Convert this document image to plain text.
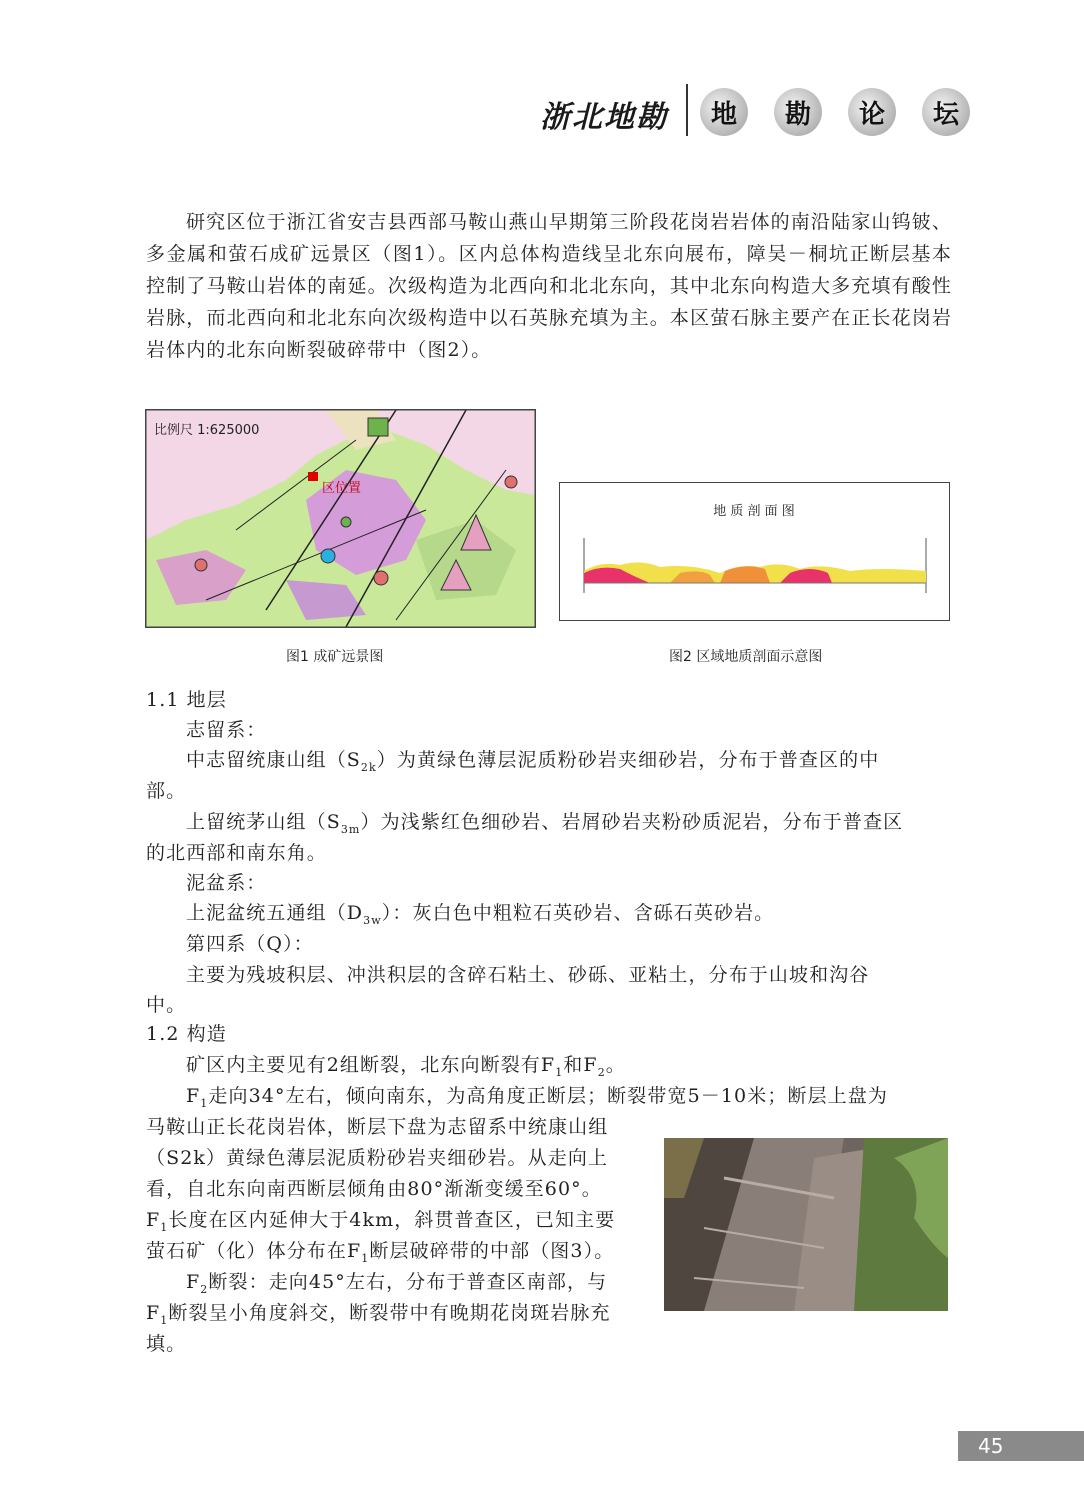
浙北地勘	地	勘	论	坛

研究区位于浙江省安吉县西部马鞍山燕山早期第三阶段花岗岩岩体的南沿陆家山钨铍、多金属和萤石成矿远景区（图1）。区内总体构造线呈北东向展布，障吴－桐坑正断层基本控制了马鞍山岩体的南延。次级构造为北西向和北北东向，其中北东向构造大多充填有酸性岩脉，而北西向和北北东向次级构造中以石英脉充填为主。本区萤石脉主要产在正长花岗岩岩体内的北东向断裂破碎带中（图2）。

比例尺 1:625000
区位置
图1 成矿远景图
地 质 剖 面 图
图2 区域地质剖面示意图
1.1 地层
志留系：
中志留统康山组$(S_{2k})$为黄绿色薄层泥质粉砂岩夹细砂岩，分布于普查区的中
部。
上留统茅山组$(S_{3m})$为浅紫红色细砂岩、岩屑砂岩夹粉砂质泥岩，分布于普查区
的北西部和南东角。
泥盆系：
上泥盆统五通组$(D_{3w})$：灰白色中粗粒石英砂岩、含砾石英砂岩。
第四系（Q）：
主要为残坡积层、冲洪积层的含碎石粘土、砂砾、亚粘土，分布于山坡和沟谷
中。
1.2 构造
矿区内主要见有2组断裂，北东向断裂有$F_1$和$F_2$。
$F_1$走向34°左右，倾向南东，为高角度正断层；断裂带宽5－10米；断层上盘为
马鞍山正长花岗岩体，断层下盘为志留系中统康山组
（S2k）黄绿色薄层泥质粉砂岩夹细砂岩。从走向上
看，自北东向南西断层倾角由80°渐渐变缓至60°。
$F_1$长度在区内延伸大于4km，斜贯普查区，已知主要
萤石矿（化）体分布在$F_1$断层破碎带的中部（图3）。
$F_2$断裂：走向45°左右，分布于普查区南部，与
$F_1$断裂呈小角度斜交，断裂带中有晚期花岗斑岩脉充
填。
45
